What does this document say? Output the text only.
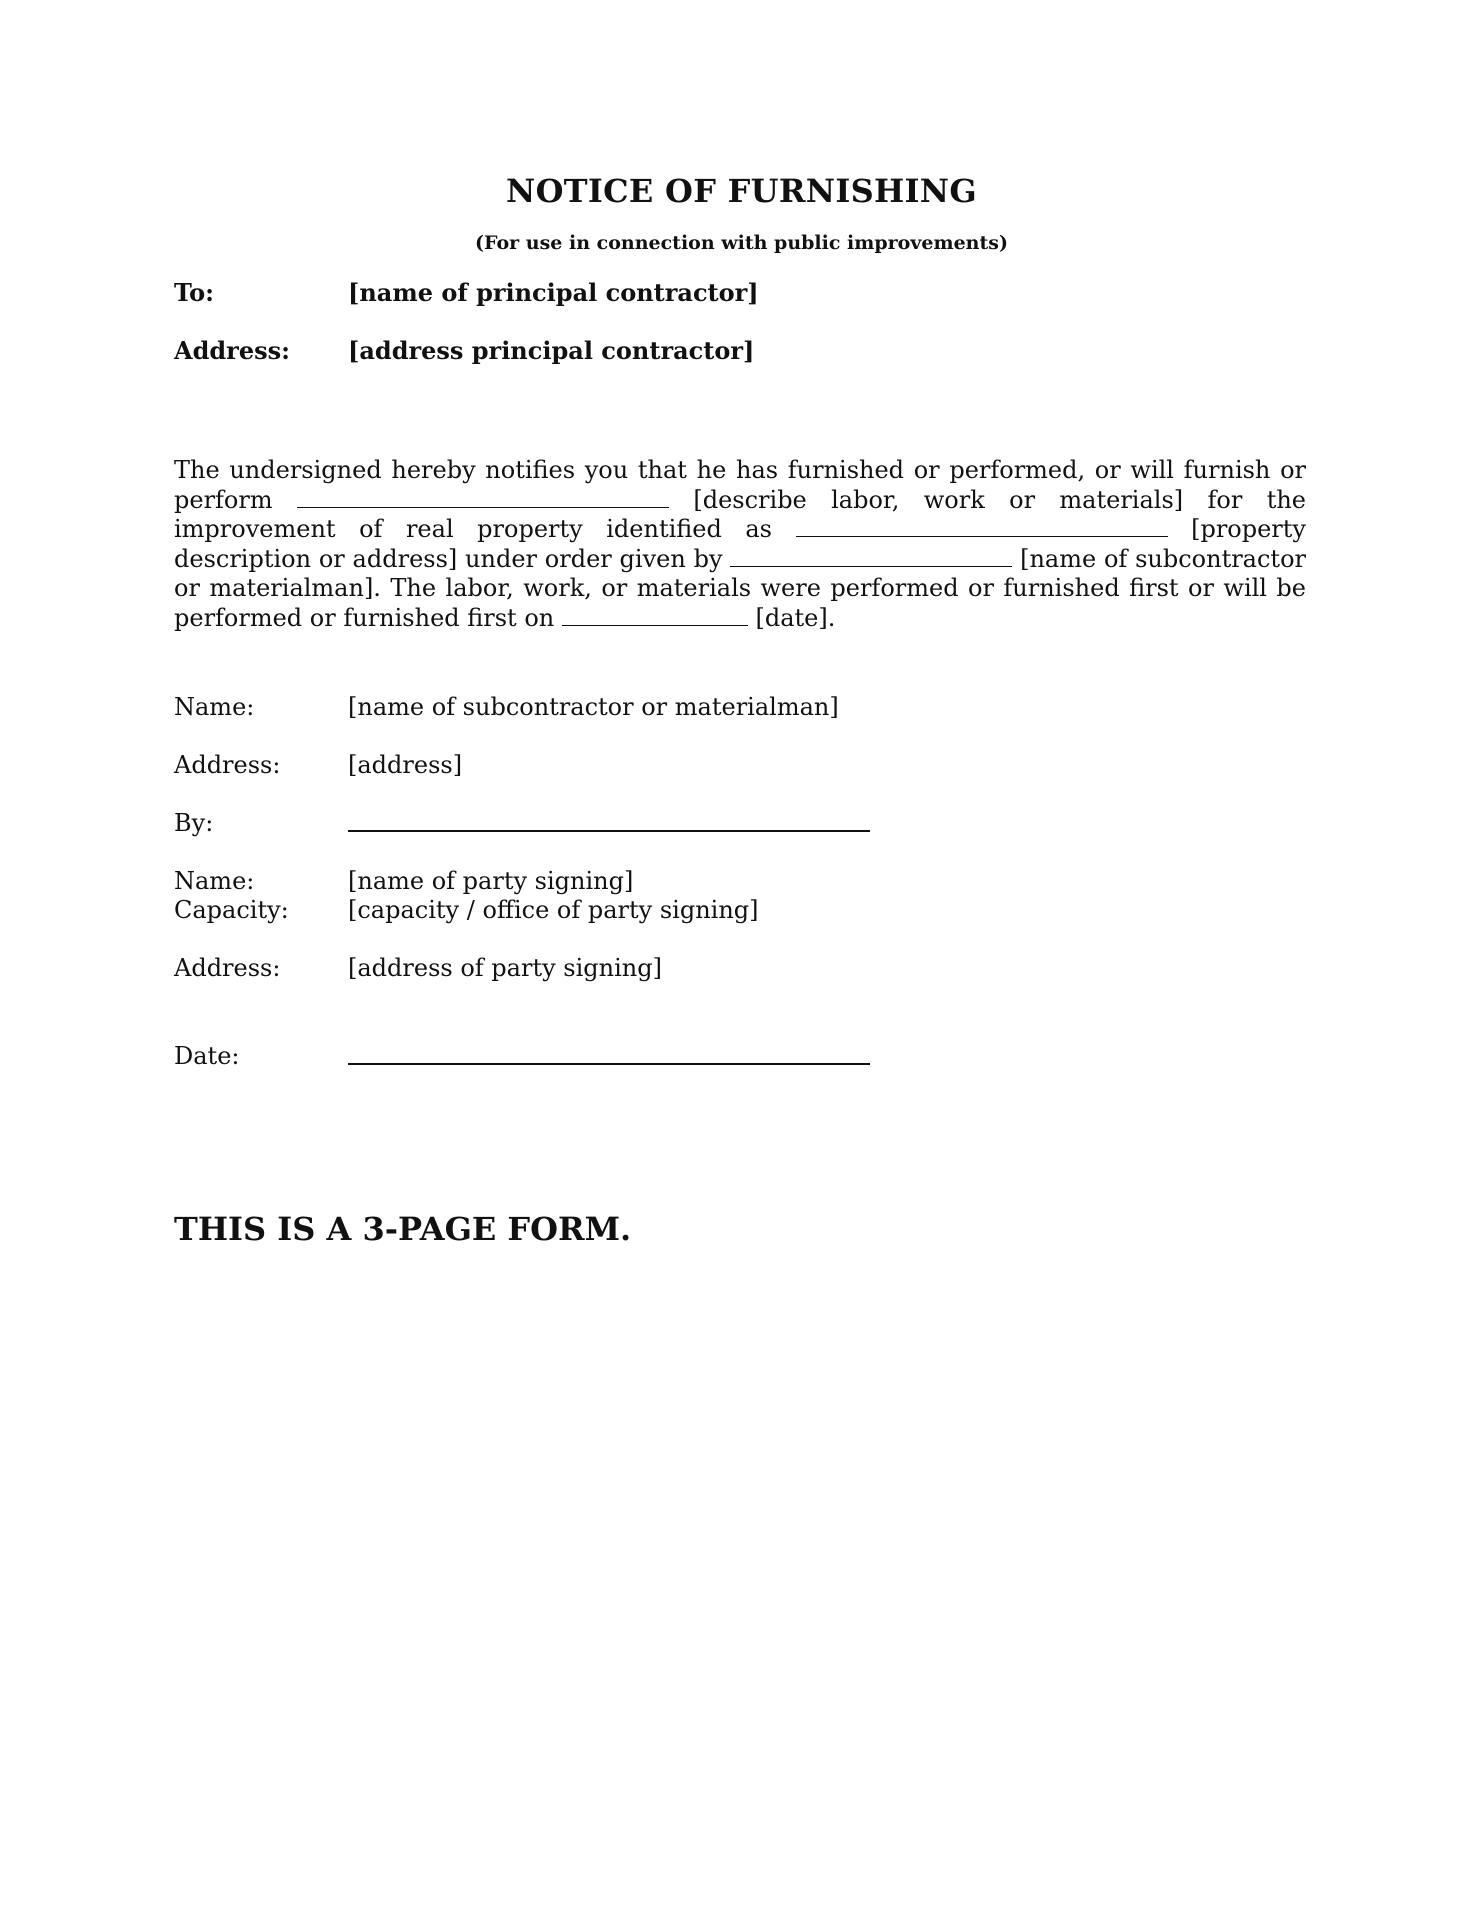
NOTICE OF FURNISHING
(For use in connection with public improvements)
To:	[name of principal contractor]
Address: [address principal contractor]
The undersigned hereby notifies you that he has furnished or performed, or will furnish or perform	[describe labor, work or materials] for the improvement of real property identified as	[property description or address] under order given by	[name of subcontractor or materialman]. The labor, work, or materials were performed or furnished first or will be performed or furnished first on	[date].
Name:	[name of subcontractor or materialman]
Address:	[address]
By:
Name:	[name of party signing]
Capacity: [capacity / office of party signing]
Address:	[address of party signing]
Date:
THIS IS A 3-PAGE FORM.
